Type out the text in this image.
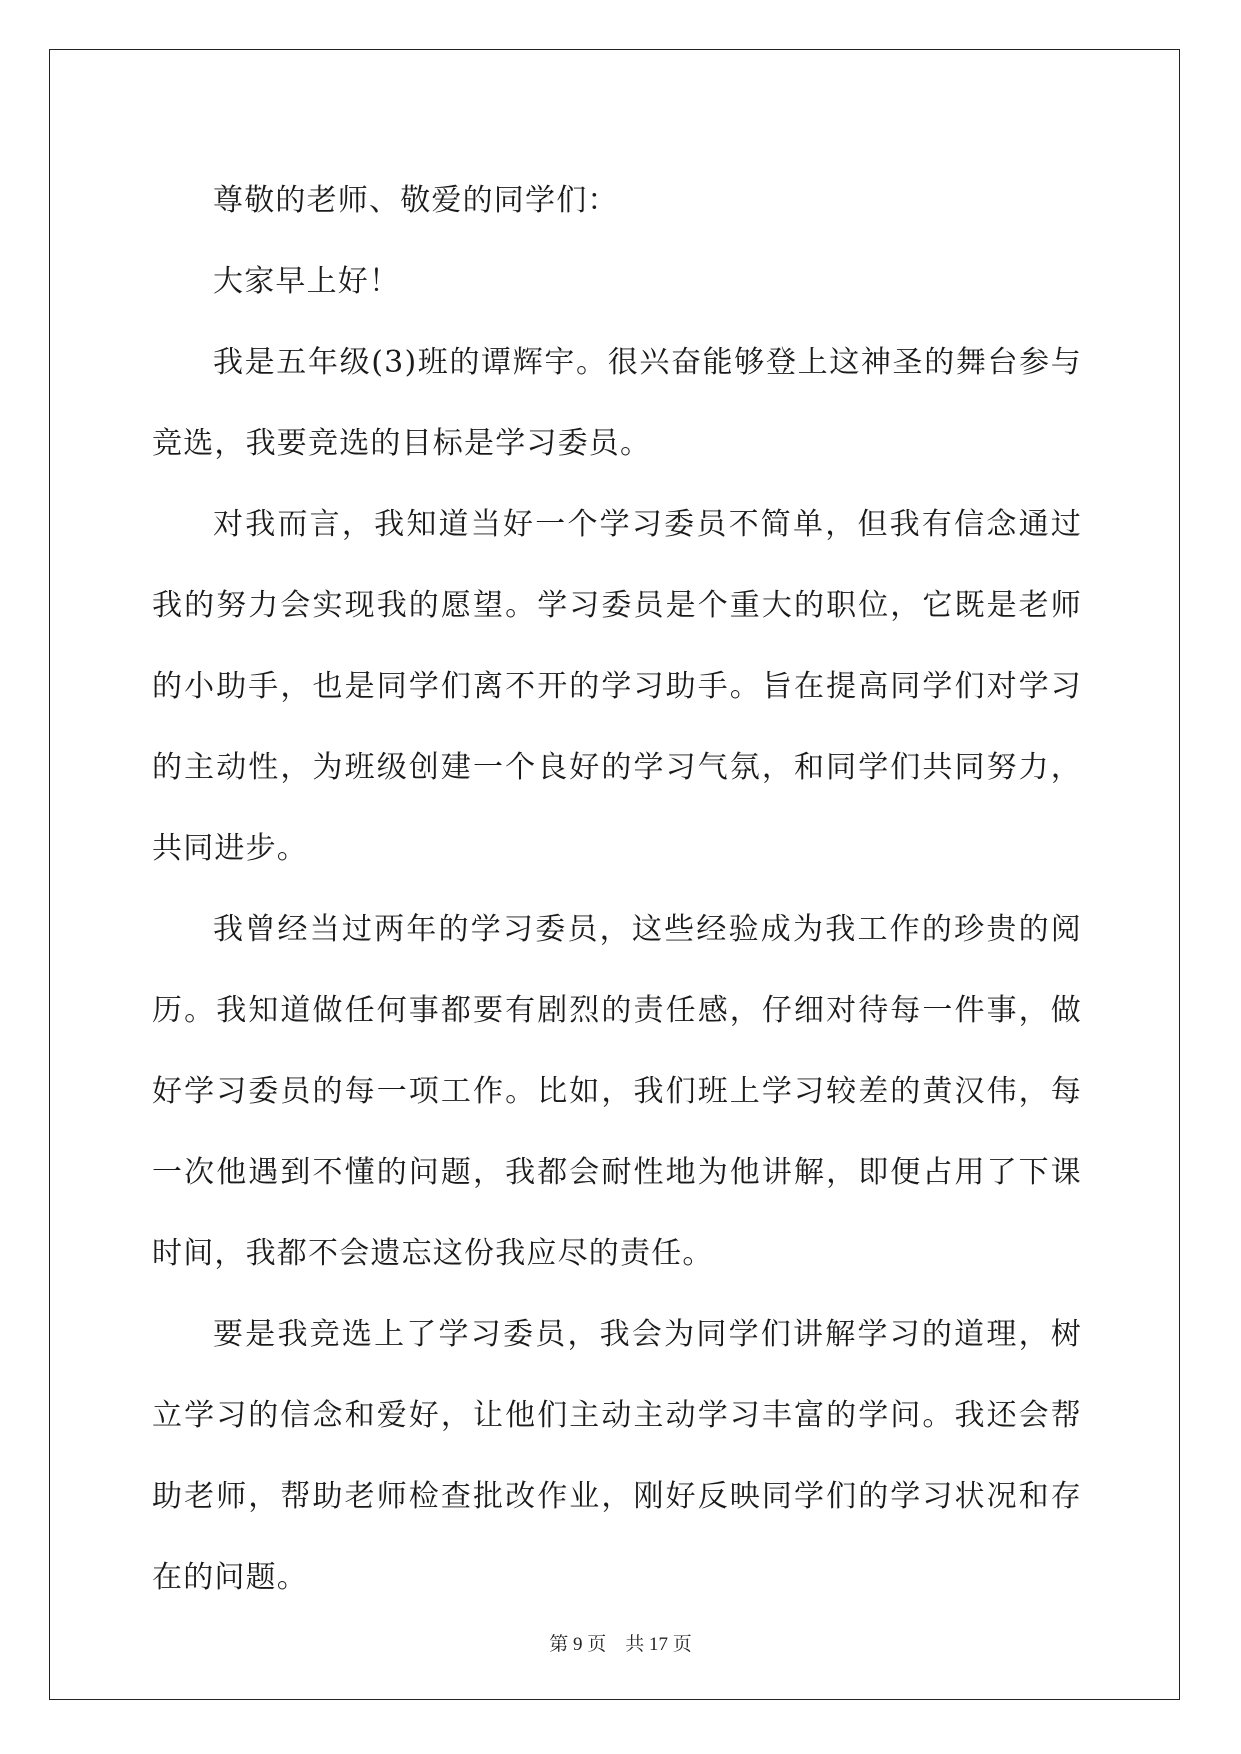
尊敬的老师、敬爱的同学们：

大家早上好！

我是五年级(3)班的谭辉宇。很兴奋能够登上这神圣的舞台参与竞选，我要竞选的目标是学习委员。

对我而言，我知道当好一个学习委员不简单，但我有信念通过我的努力会实现我的愿望。学习委员是个重大的职位，它既是老师的小助手，也是同学们离不开的学习助手。旨在提高同学们对学习的主动性，为班级创建一个良好的学习气氛，和同学们共同努力，共同进步。

我曾经当过两年的学习委员，这些经验成为我工作的珍贵的阅历。我知道做任何事都要有剧烈的责任感，仔细对待每一件事，做好学习委员的每一项工作。比如，我们班上学习较差的黄汉伟，每一次他遇到不懂的问题，我都会耐性地为他讲解，即便占用了下课时间，我都不会遗忘这份我应尽的责任。

要是我竞选上了学习委员，我会为同学们讲解学习的道理，树立学习的信念和爱好，让他们主动主动学习丰富的学问。我还会帮助老师，帮助老师检查批改作业，刚好反映同学们的学习状况和存在的问题。

第 9 页　共 17 页
